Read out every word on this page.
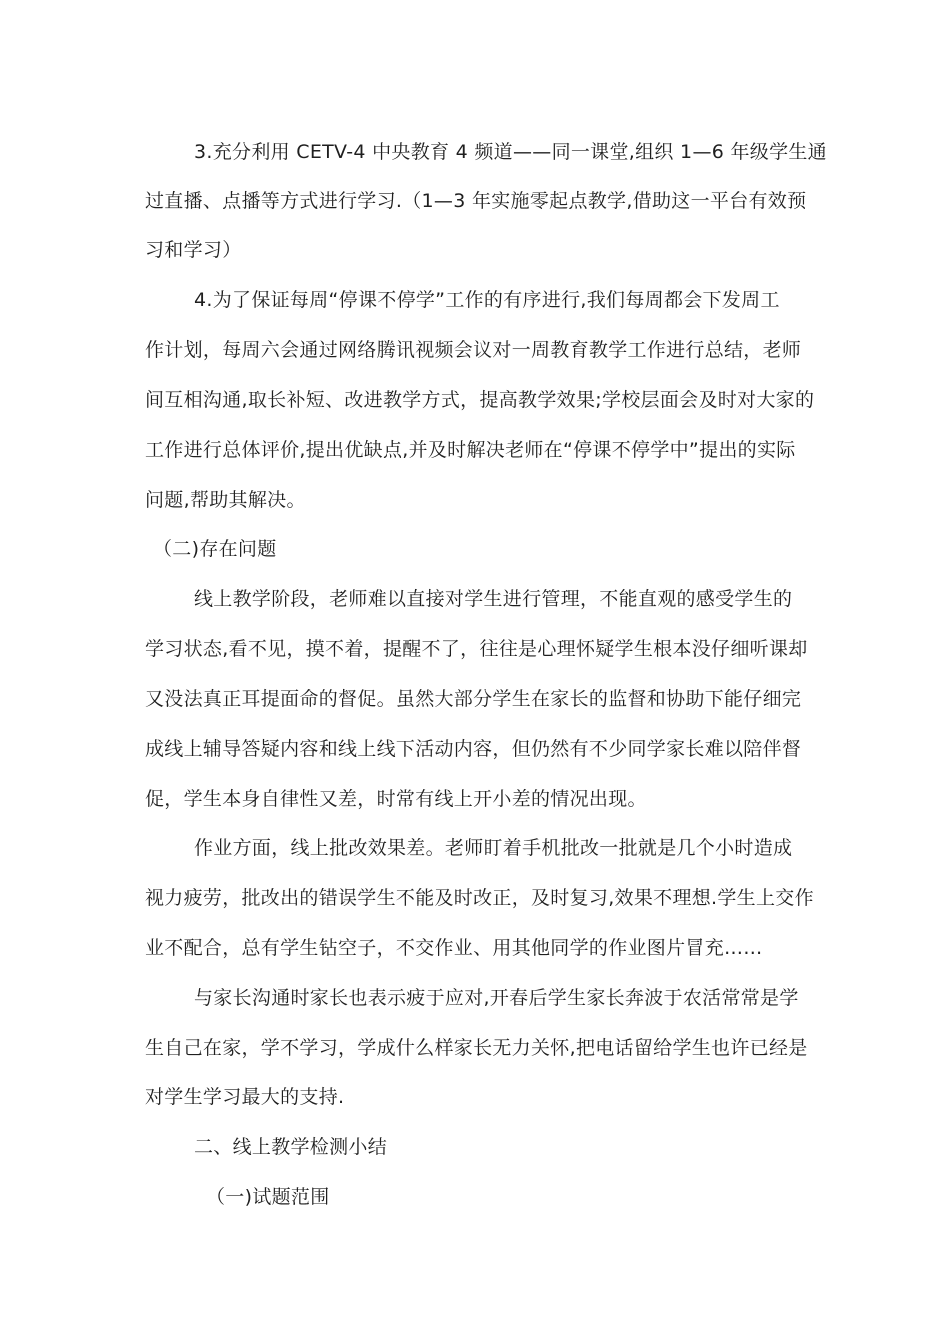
3.充分利用 CETV-4 中央教育 4 频道——同一课堂,组织 1—6 年级学生通
过直播、点播等方式进行学习.（1—3 年实施零起点教学,借助这一平台有效预
习和学习）
4.为了保证每周“停课不停学”工作的有序进行,我们每周都会下发周工
作计划，每周六会通过网络腾讯视频会议对一周教育教学工作进行总结，老师
间互相沟通,取长补短、改进教学方式，提高教学效果;学校层面会及时对大家的
工作进行总体评价,提出优缺点,并及时解决老师在“停课不停学中”提出的实际
问题,帮助其解决。
（二)存在问题
线上教学阶段，老师难以直接对学生进行管理，不能直观的感受学生的
学习状态,看不见，摸不着，提醒不了，往往是心理怀疑学生根本没仔细听课却
又没法真正耳提面命的督促。虽然大部分学生在家长的监督和协助下能仔细完
成线上辅导答疑内容和线上线下活动内容，但仍然有不少同学家长难以陪伴督
促，学生本身自律性又差，时常有线上开小差的情况出现。
作业方面，线上批改效果差。老师盯着手机批改一批就是几个小时造成
视力疲劳，批改出的错误学生不能及时改正，及时复习,效果不理想.学生上交作
业不配合，总有学生钻空子，不交作业、用其他同学的作业图片冒充……
与家长沟通时家长也表示疲于应对,开春后学生家长奔波于农活常常是学
生自己在家，学不学习，学成什么样家长无力关怀,把电话留给学生也许已经是
对学生学习最大的支持.
二、线上教学检测小结
（一)试题范围
